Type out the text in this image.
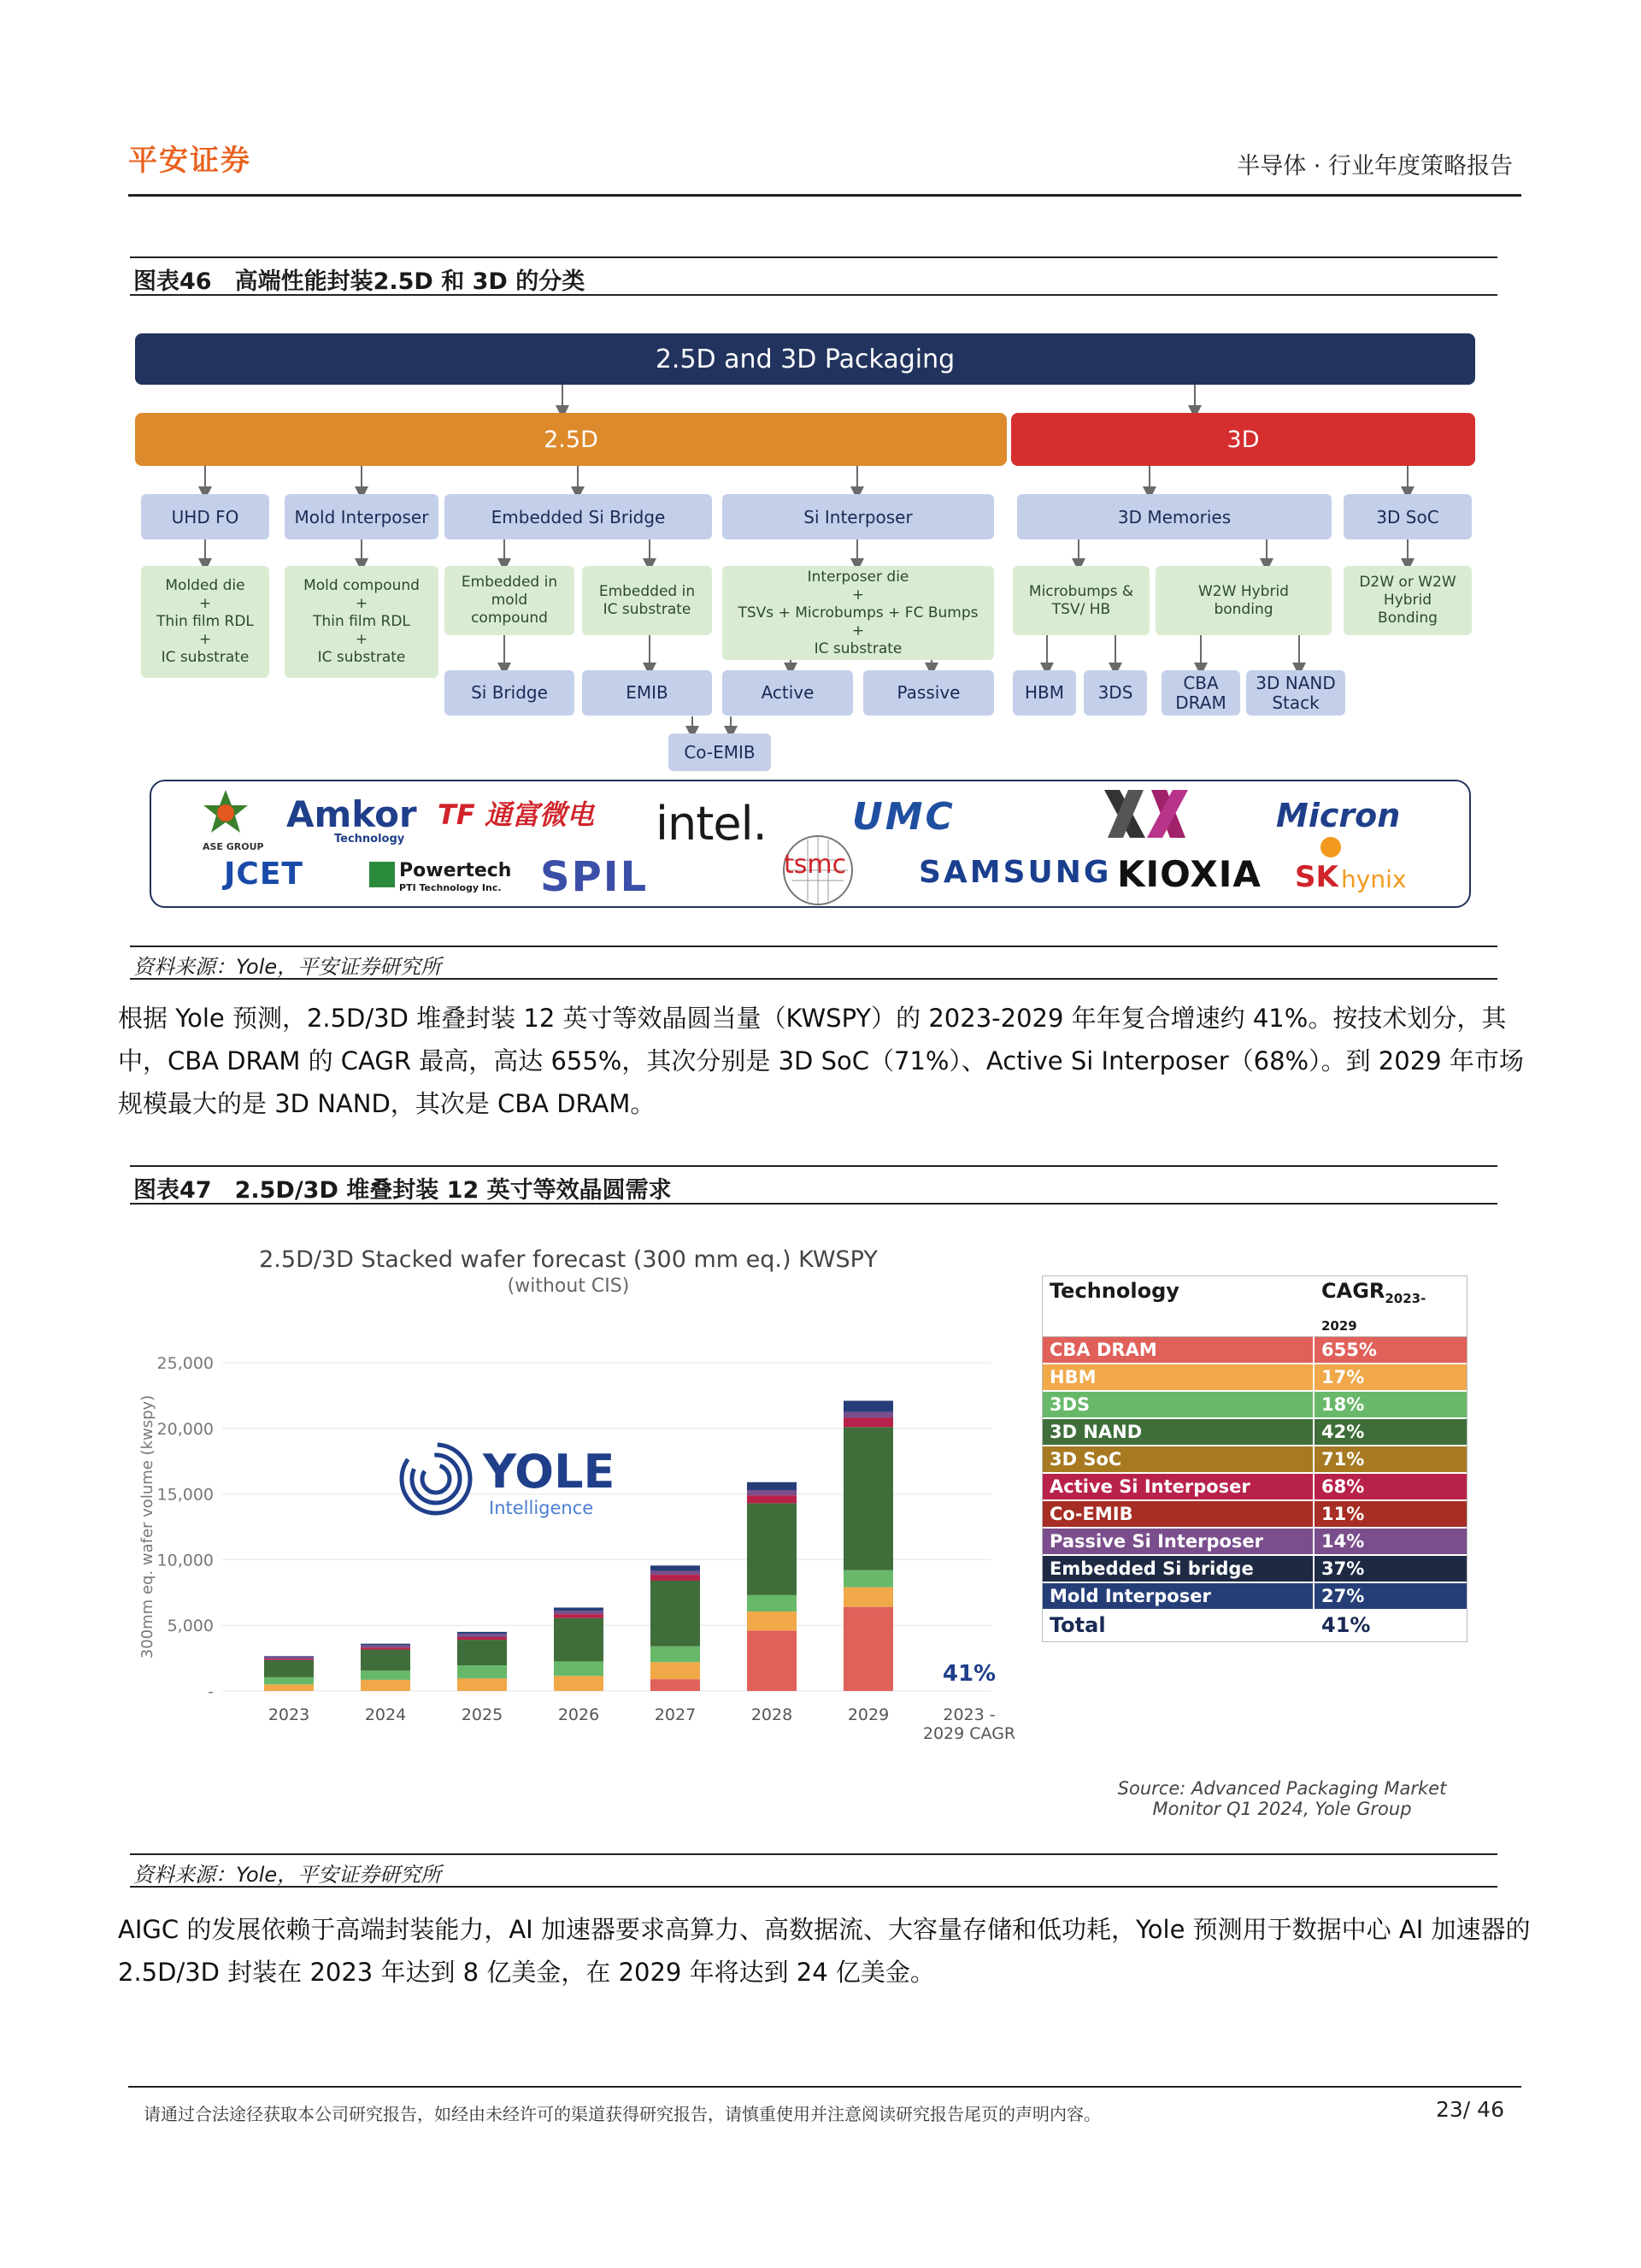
平安证券	半导体 · 行业年度策略报告
图表46　高端性能封装2.5D 和 3D 的分类
2.5D and 3D Packaging
2.5D	3D
UHD FO	Mold Interposer	Embedded Si Bridge	Si Interposer	3D Memories	3D SoC
Molded die
+
Thin film RDL
+
IC substrate
Mold compound
+
Thin film RDL
+
IC substrate
Embedded in
mold
compound
Embedded in
IC substrate
Interposer die
+
TSVs + Microbumps + FC Bumps
+
IC substrate
Microbumps &
TSV/ HB
W2W Hybrid
bonding
D2W or W2W
Hybrid
Bonding
Si Bridge	EMIB	Active	Passive	HBM	3DS	CBA
DRAM
3D NAND
Stack
Co-EMIB
ASE GROUP
Amkor
Technology
TF 通富微电 intel. UMC	Micron
JCET	Powertech
PTI Technology Inc. SPIL	tsmc SAMSUNG KIOXIA SK hynix
资料来源：Yole，平安证券研究所
根据 Yole 预测，2.5D/3D 堆叠封装 12 英寸等效晶圆当量（KWSPY）的 2023-2029 年年复合增速约 41%。按技术划分，其中，CBA DRAM 的 CAGR 最高，高达 655%，其次分别是 3D SoC（71%）、Active Si Interposer（68%）。到 2029 年市场规模最大的是 3D NAND，其次是 CBA DRAM。
图表47　2.5D/3D 堆叠封装 12 英寸等效晶圆需求
2.5D/3D Stacked wafer forecast (300 mm eq.) KWSPY
(without CIS)
-
5,000
10,000
15,000
20,000
25,000
300mm eq. wafer volume (kwspy)
2023	2024	2025	2026	2027	2028	2029
41%
2023 -
2029 CAGR
YOLE
Intelligence
Technology	$CAGR_{2023-2029}$
CBA DRAM	655%
HBM	17%
3DS	18%
3D NAND	42%
3D SoC	71%
Active Si Interposer	68%
Co-EMIB	11%
Passive Si Interposer	14%
Embedded Si bridge	37%
Mold Interposer	27%
Total	41%
Source: Advanced Packaging Market
Monitor Q1 2024, Yole Group
资料来源：Yole，平安证券研究所
AIGC 的发展依赖于高端封装能力，AI 加速器要求高算力、高数据流、大容量存储和低功耗，Yole 预测用于数据中心 AI 加速器的 2.5D/3D 封装在 2023 年达到 8 亿美金，在 2029 年将达到 24 亿美金。
请通过合法途径获取本公司研究报告，如经由未经许可的渠道获得研究报告，请慎重使用并注意阅读研究报告尾页的声明内容。	23/ 46
